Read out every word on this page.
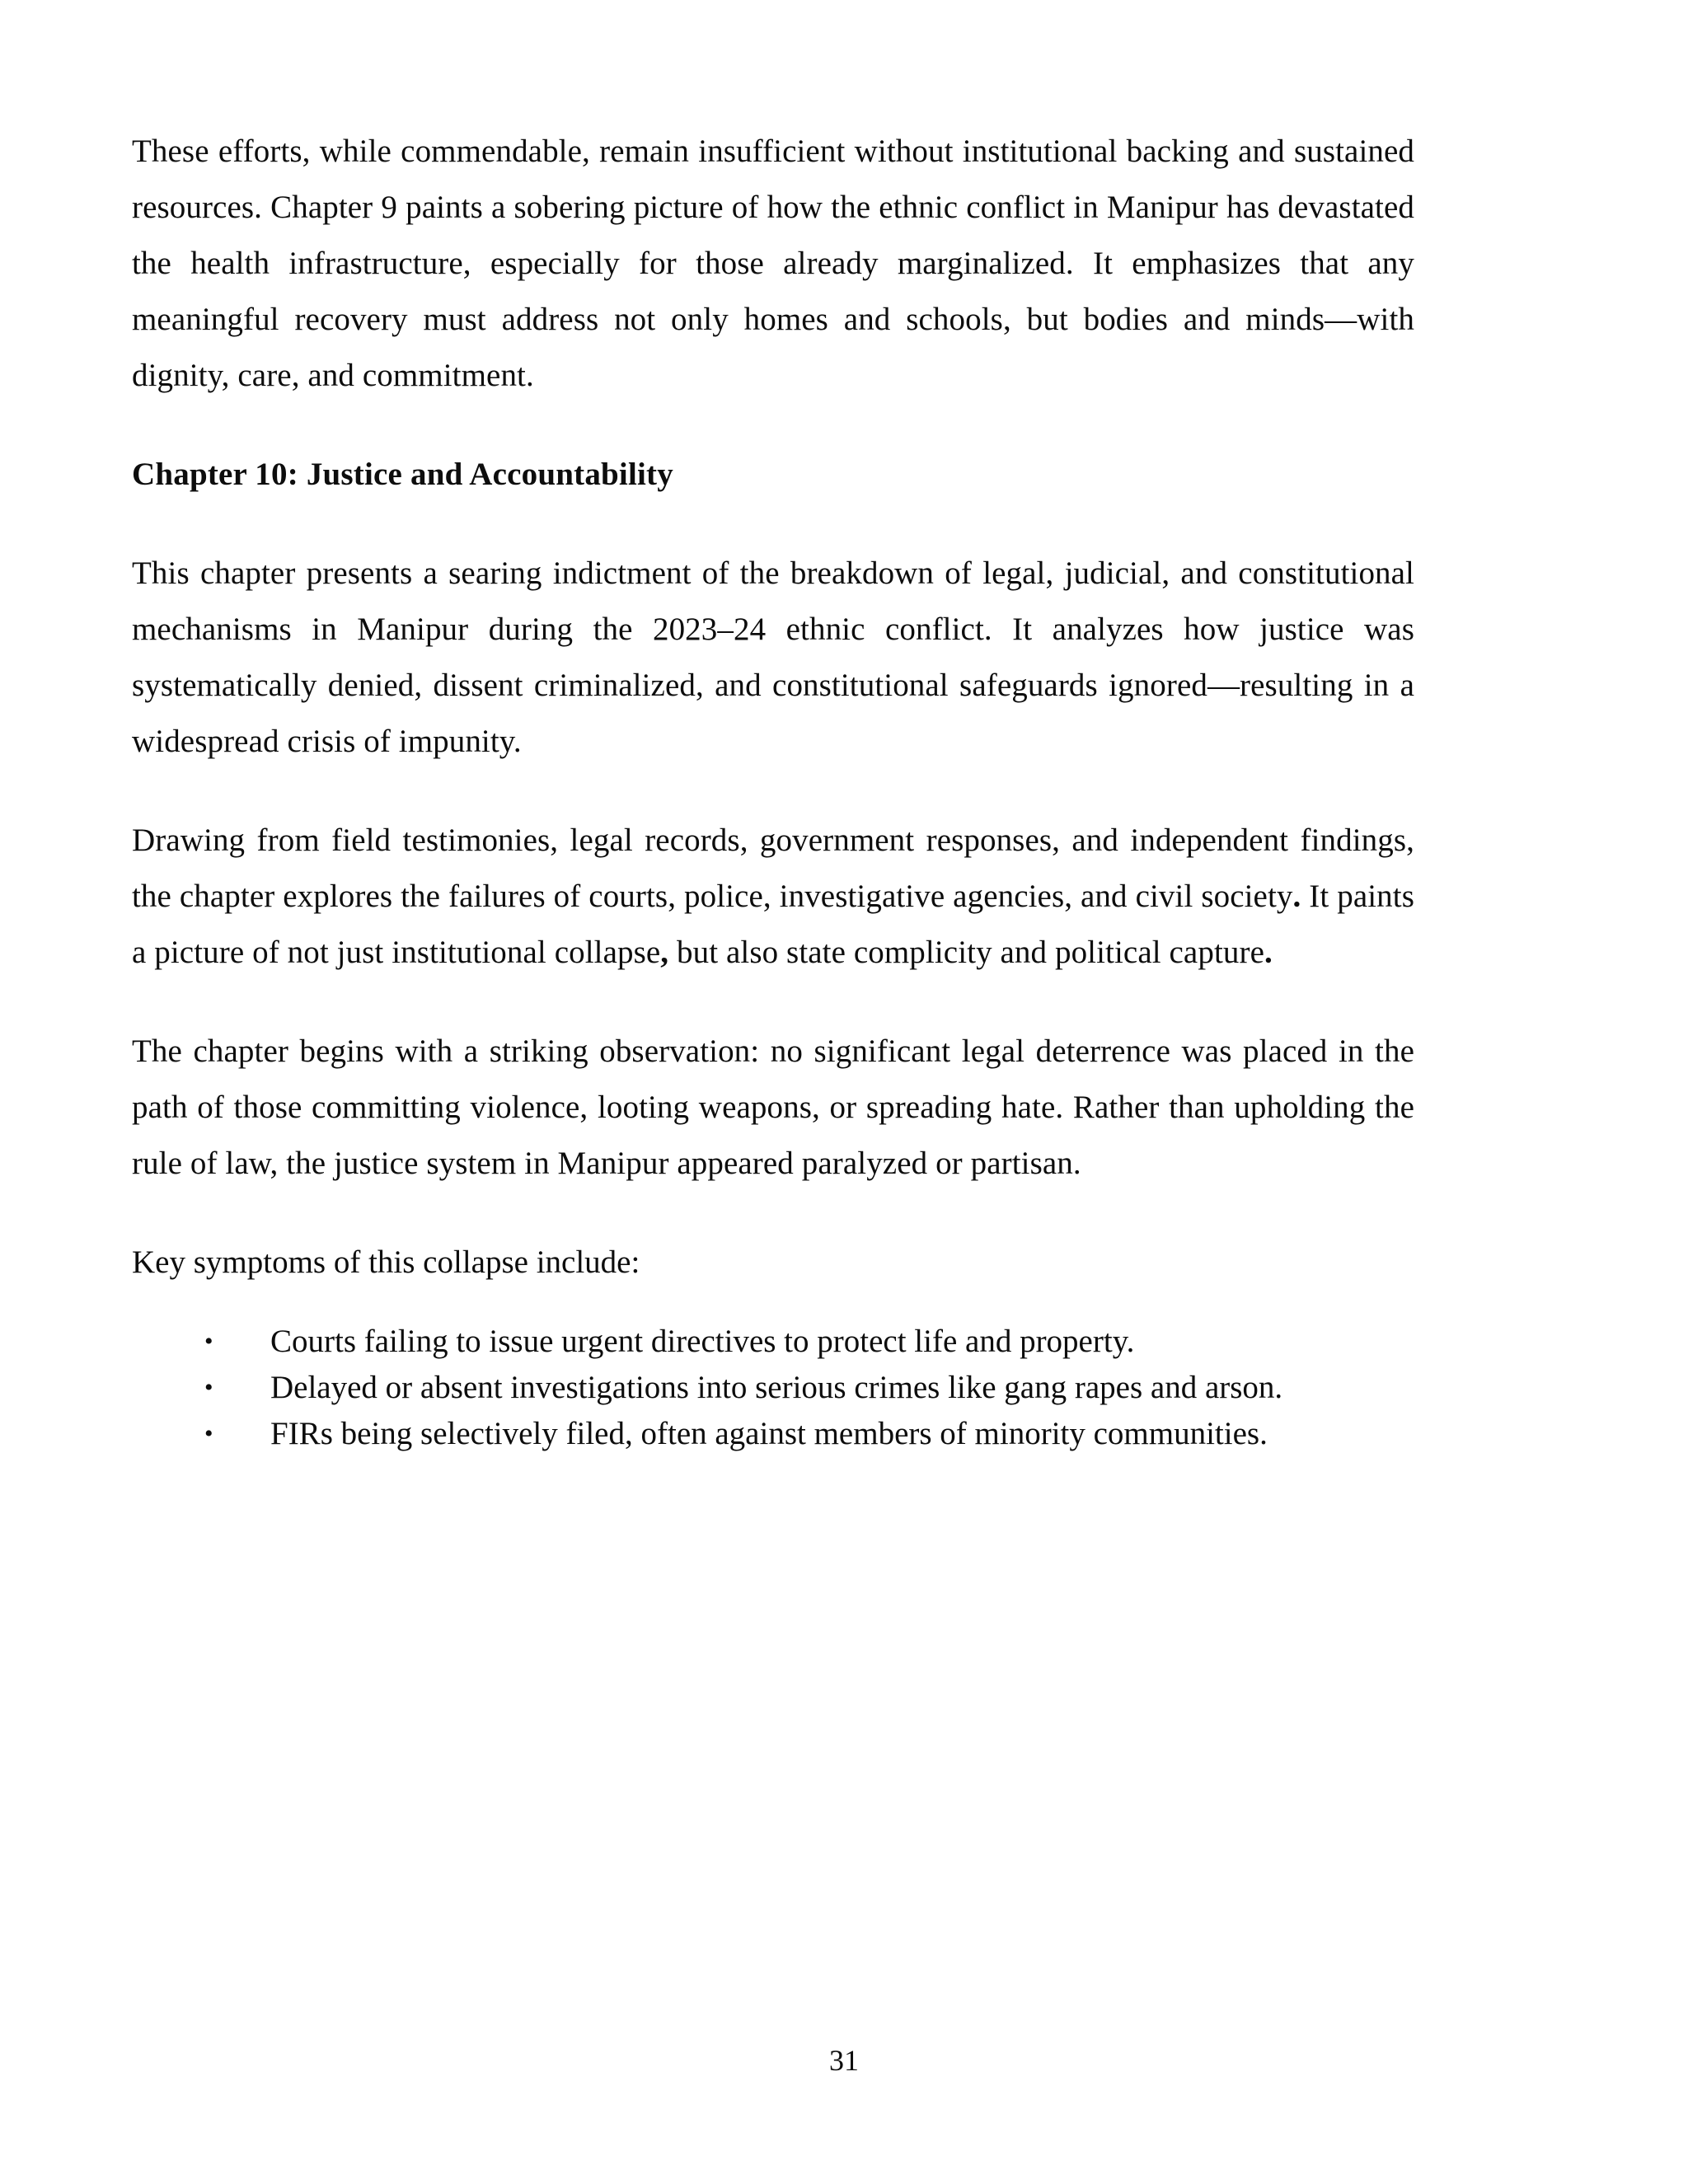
These efforts, while commendable, remain insufficient without institutional backing and sustained resources. Chapter 9 paints a sobering picture of how the ethnic conflict in Manipur has devastated the health infrastructure, especially for those already marginalized. It emphasizes that any meaningful recovery must address not only homes and schools, but bodies and minds—with dignity, care, and commitment.

Chapter 10: Justice and Accountability

This chapter presents a searing indictment of the breakdown of legal, judicial, and constitutional mechanisms in Manipur during the 2023–24 ethnic conflict. It analyzes how justice was systematically denied, dissent criminalized, and constitutional safeguards ignored—resulting in a widespread crisis of impunity.

Drawing from field testimonies, legal records, government responses, and independent findings, the chapter explores the failures of courts, police, investigative agencies, and civil society. It paints a picture of not just institutional collapse, but also state complicity and political capture.

The chapter begins with a striking observation: no significant legal deterrence was placed in the path of those committing violence, looting weapons, or spreading hate. Rather than upholding the rule of law, the justice system in Manipur appeared paralyzed or partisan.

Key symptoms of this collapse include:

• Courts failing to issue urgent directives to protect life and property.
• Delayed or absent investigations into serious crimes like gang rapes and arson.
• FIRs being selectively filed, often against members of minority communities.
31
